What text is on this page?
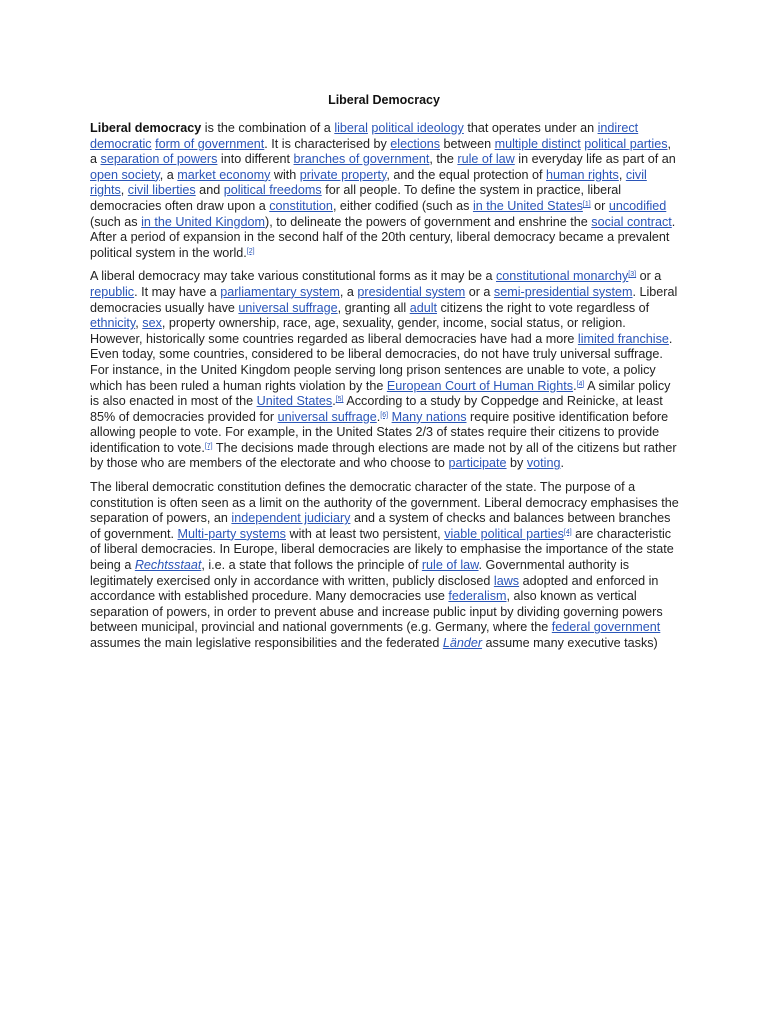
Liberal Democracy

Liberal democracy is the combination of a liberal political ideology that operates under an indirect democratic form of government. It is characterised by elections between multiple distinct political parties, a separation of powers into different branches of government, the rule of law in everyday life as part of an open society, a market economy with private property, and the equal protection of human rights, civil rights, civil liberties and political freedoms for all people. To define the system in practice, liberal democracies often draw upon a constitution, either codified (such as in the United States[1] or uncodified (such as in the United Kingdom), to delineate the powers of government and enshrine the social contract. After a period of expansion in the second half of the 20th century, liberal democracy became a prevalent political system in the world.[2]

A liberal democracy may take various constitutional forms as it may be a constitutional monarchy[3] or a republic. It may have a parliamentary system, a presidential system or a semi-presidential system. Liberal democracies usually have universal suffrage, granting all adult citizens the right to vote regardless of ethnicity, sex, property ownership, race, age, sexuality, gender, income, social status, or religion. However, historically some countries regarded as liberal democracies have had a more limited franchise. Even today, some countries, considered to be liberal democracies, do not have truly universal suffrage. For instance, in the United Kingdom people serving long prison sentences are unable to vote, a policy which has been ruled a human rights violation by the European Court of Human Rights.[4] A similar policy is also enacted in most of the United States.[5] According to a study by Coppedge and Reinicke, at least 85% of democracies provided for universal suffrage.[6] Many nations require positive identification before allowing people to vote. For example, in the United States 2/3 of states require their citizens to provide identification to vote.[7] The decisions made through elections are made not by all of the citizens but rather by those who are members of the electorate and who choose to participate by voting.

The liberal democratic constitution defines the democratic character of the state. The purpose of a constitution is often seen as a limit on the authority of the government. Liberal democracy emphasises the separation of powers, an independent judiciary and a system of checks and balances between branches of government. Multi-party systems with at least two persistent, viable political parties[4] are characteristic of liberal democracies. In Europe, liberal democracies are likely to emphasise the importance of the state being a Rechtsstaat, i.e. a state that follows the principle of rule of law. Governmental authority is legitimately exercised only in accordance with written, publicly disclosed laws adopted and enforced in accordance with established procedure. Many democracies use federalism, also known as vertical separation of powers, in order to prevent abuse and increase public input by dividing governing powers between municipal, provincial and national governments (e.g. Germany, where the federal government assumes the main legislative responsibilities and the federated Länder assume many executive tasks)
